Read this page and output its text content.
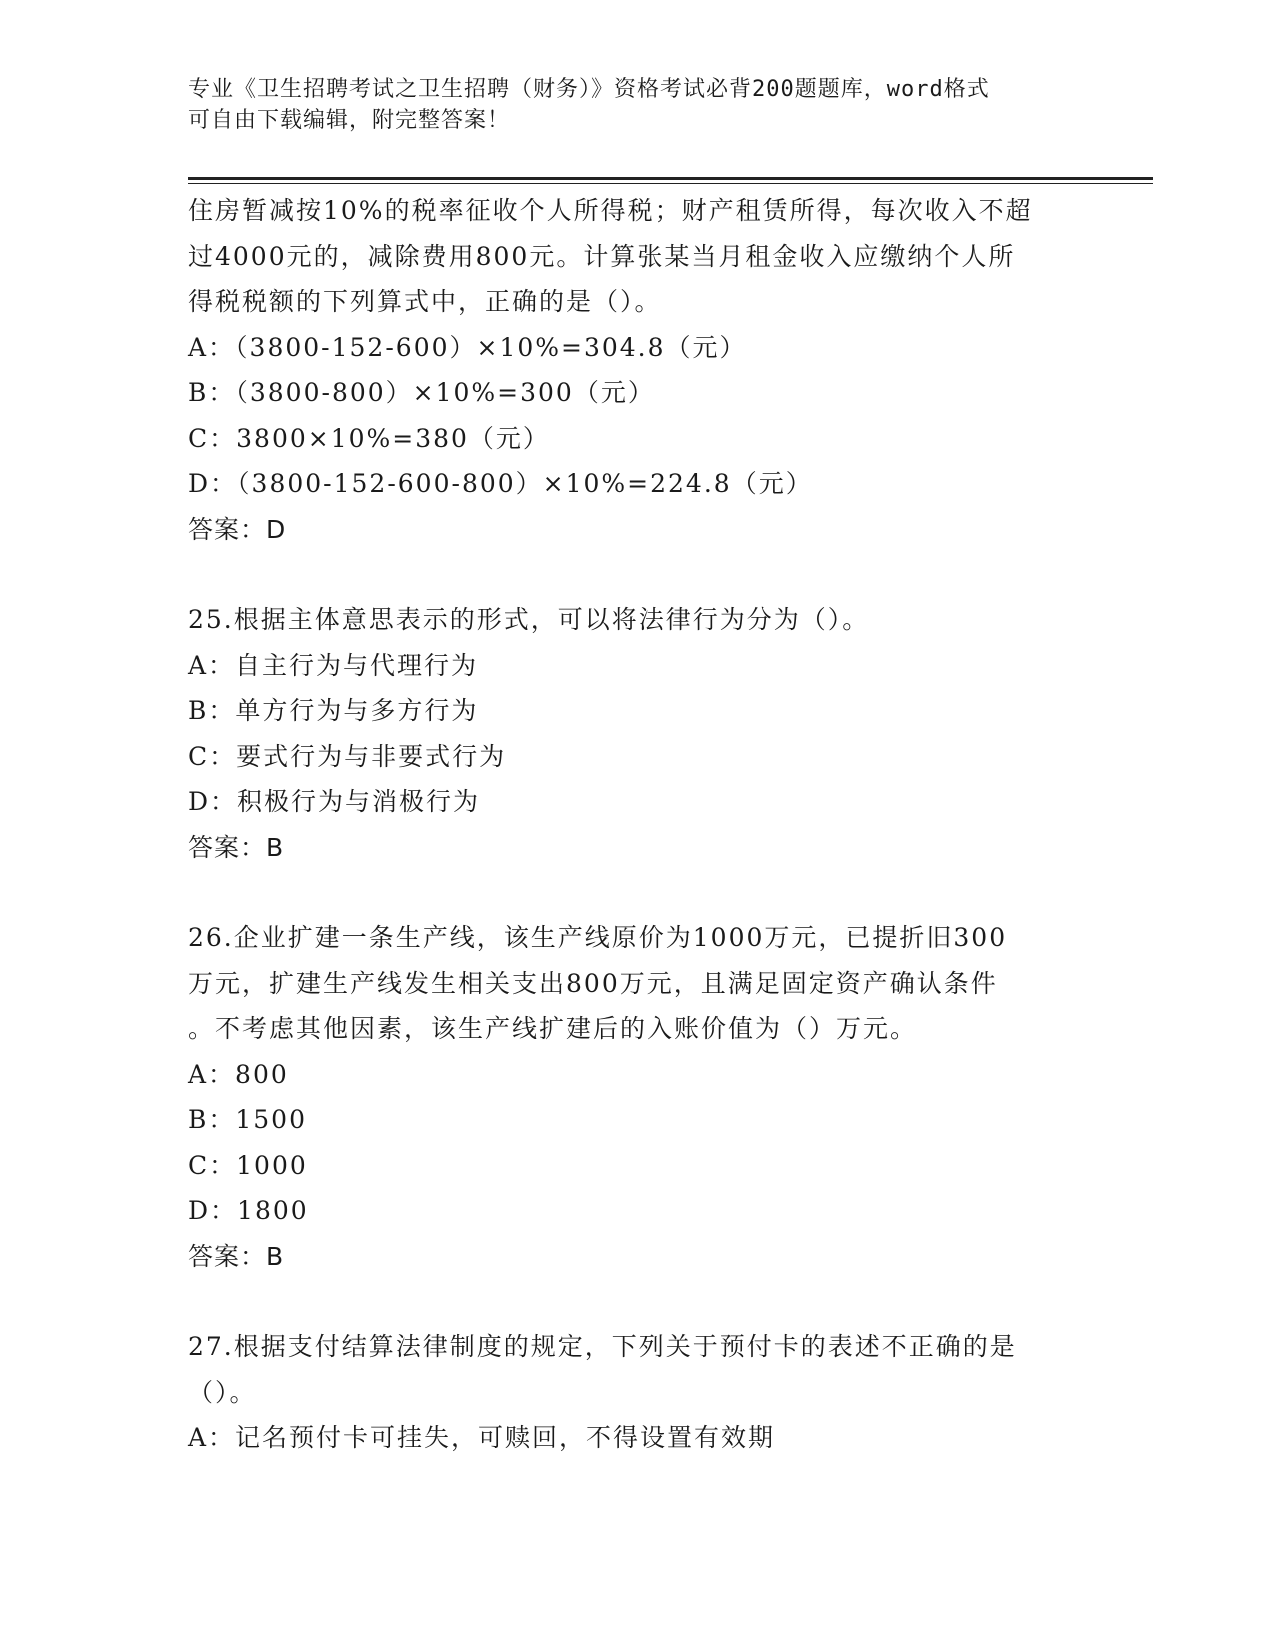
专业《卫生招聘考试之卫生招聘（财务）》资格考试必背200题题库，word格式
可自由下载编辑，附完整答案！
住房暂减按10%的税率征收个人所得税；财产租赁所得，每次收入不超
过4000元的，减除费用800元。计算张某当月租金收入应缴纳个人所
得税税额的下列算式中，正确的是（）。
A：（3800-152-600）×10%=304.8（元）
B：（3800-800）×10%=300（元）
C：3800×10%=380（元）
D：（3800-152-600-800）×10%=224.8（元）
答案：D
25.根据主体意思表示的形式，可以将法律行为分为（）。
A：自主行为与代理行为
B：单方行为与多方行为
C：要式行为与非要式行为
D：积极行为与消极行为
答案：B
26.企业扩建一条生产线，该生产线原价为1000万元，已提折旧300
万元，扩建生产线发生相关支出800万元，且满足固定资产确认条件
。不考虑其他因素，该生产线扩建后的入账价值为（）万元。
A：800
B：1500
C：1000
D：1800
答案：B
27.根据支付结算法律制度的规定，下列关于预付卡的表述不正确的是
（）。
A：记名预付卡可挂失，可赎回，不得设置有效期
